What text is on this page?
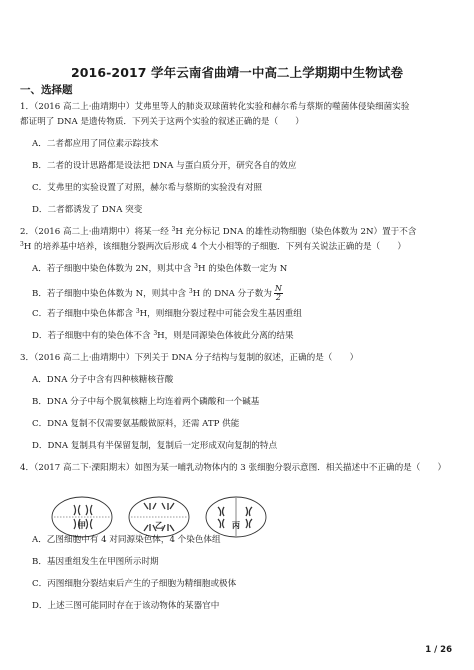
2016-2017 学年云南省曲靖一中高二上学期期中生物试卷
一、选择题
1．（2016 高二上·曲靖期中）艾弗里等人的肺炎双球菌转化实验和赫尔希与蔡斯的噬菌体侵染细菌实验
都证明了 DNA 是遗传物质．下列关于这两个实验的叙述正确的是（　　）
A．二者都应用了同位素示踪技术
B．二者的设计思路都是设法把 DNA 与蛋白质分开，研究各自的效应
C．艾弗里的实验设置了对照，赫尔希与蔡斯的实验没有对照
D．二者都诱发了 DNA 突变
2．（2016 高二上·曲靖期中）将某一经 $^3$H 充分标记 DNA 的雄性动物细胞（染色体数为 2N）置于不含
$^3$H 的培养基中培养，该细胞分裂两次后形成 4 个大小相等的子细胞．下列有关说法正确的是（　　）
A．若子细胞中染色体数为 2N，则其中含 $^3$H 的染色体数一定为 N
B．若子细胞中染色体数为 N，则其中含 $^3$H 的 DNA 分子数为 $\frac{N}{2}$
C．若子细胞中染色体都含 $^3$H，则细胞分裂过程中可能会发生基因重组
D．若子细胞中有的染色体不含 $^3$H，则是同源染色体彼此分离的结果
3．（2016 高二上·曲靖期中）下列关于 DNA 分子结构与复制的叙述，正确的是（　　）
A．DNA 分子中含有四种核糖核苷酸
B．DNA 分子中每个脱氧核糖上均连着两个磷酸和一个碱基
C．DNA 复制不仅需要氨基酸做原料，还需 ATP 供能
D．DNA 复制具有半保留复制，复制后一定形成双向复制的特点
4．（2017 高二下·溧阳期末）如图为某一哺乳动物体内的 3 张细胞分裂示意图．相关描述中不正确的是（　　）
甲	乙	丙
A．乙图细胞中有 4 对同源染色体，4 个染色体组
B．基因重组发生在甲图所示时期
C．丙图细胞分裂结束后产生的子细胞为精细胞或极体
D．上述三图可能同时存在于该动物体的某器官中
1 / 26
